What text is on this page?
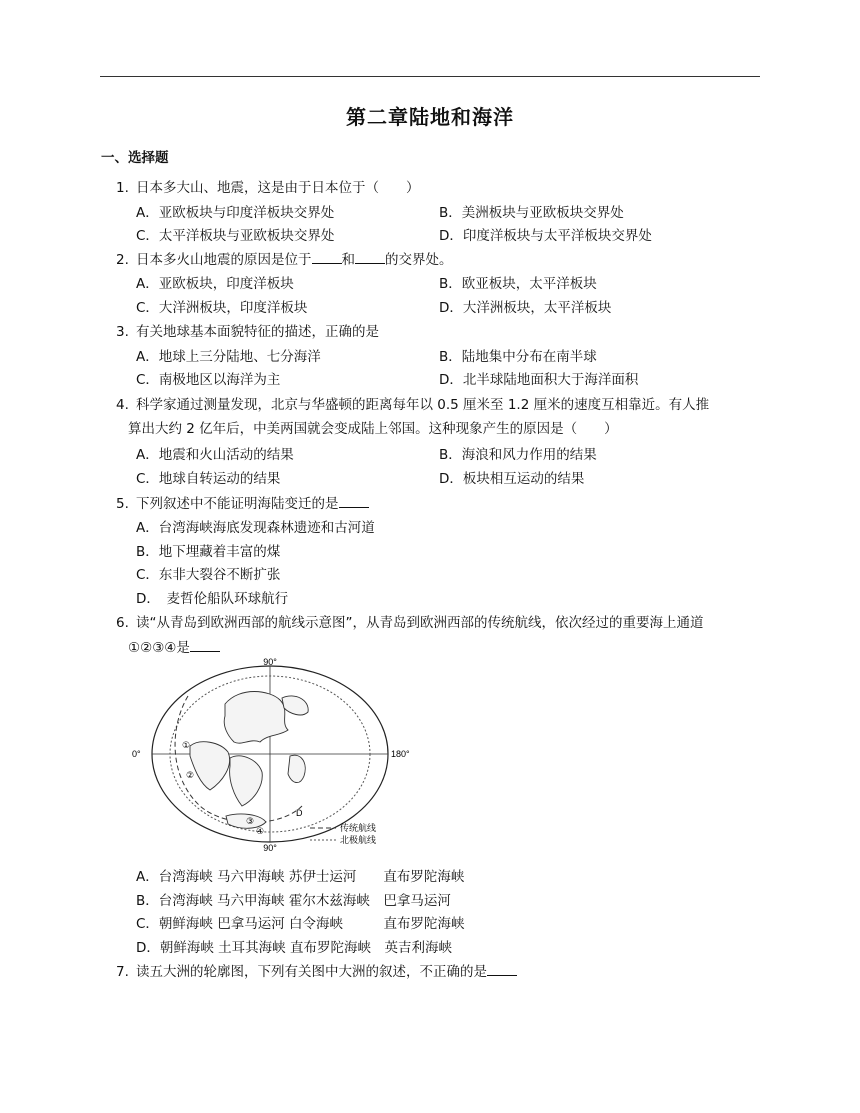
第二章陆地和海洋
一、选择题
1. 日本多大山、地震，这是由于日本位于（　　）
A．亚欧板块与印度洋板块交界处	B．美洲板块与亚欧板块交界处
C．太平洋板块与亚欧板块交界处	D．印度洋板块与太平洋板块交界处
2. 日本多火山地震的原因是位于 和 的交界处。
A．亚欧板块，印度洋板块	B．欧亚板块，太平洋板块
C．大洋洲板块，印度洋板块	D．大洋洲板块，太平洋板块
3. 有关地球基本面貌特征的描述，正确的是
A．地球上三分陆地、七分海洋	B．陆地集中分布在南半球
C．南极地区以海洋为主	D．北半球陆地面积大于海洋面积
4. 科学家通过测量发现，北京与华盛顿的距离每年以 0.5 厘米至 1.2 厘米的速度互相靠近。有人推
算出大约 2 亿年后，中美两国就会变成陆上邻国。这种现象产生的原因是（　　）
A．地震和火山活动的结果	B．海浪和风力作用的结果
C．地球自转运动的结果	D．板块相互运动的结果
5. 下列叙述中不能证明海陆变迁的是
A．台湾海峡海底发现森林遗迹和古河道
B．地下埋藏着丰富的煤
C．东非大裂谷不断扩张
D．　麦哲伦船队环球航行
6. 读“从青岛到欧洲西部的航线示意图”，从青岛到欧洲西部的传统航线，依次经过的重要海上通道
①②③④是
90°
90°
0°	180°
①
②
③
④
D
传统航线
北极航线
A．台湾海峡 马六甲海峡 苏伊士运河　　直布罗陀海峡
B．台湾海峡 马六甲海峡 霍尔木兹海峡　巴拿马运河
C．朝鲜海峡 巴拿马运河 白令海峡　　　直布罗陀海峡
D．朝鲜海峡 土耳其海峡 直布罗陀海峡　英吉利海峡
7. 读五大洲的轮廓图，下列有关图中大洲的叙述，不正确的是
